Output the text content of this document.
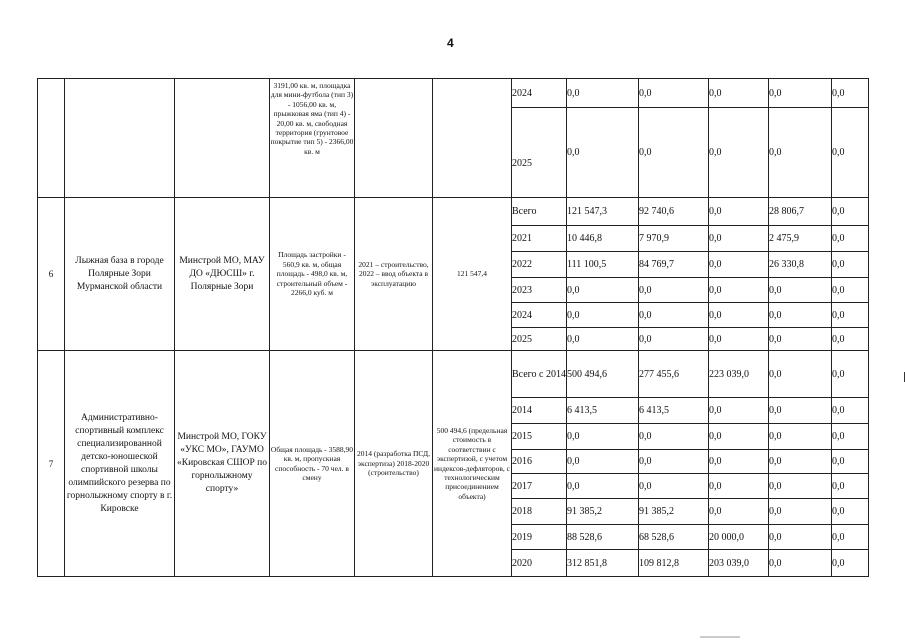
4
			3191,00 кв. м, площадка для мини-футбола (тип 3) - 1056,00 кв. м, прыжковая яма (тип 4) - 20,00 кв. м, свободная территория (грунтовое покрытие тип 5) - 2366,00 кв. м			2024	0,0	0,0	0,0	0,0	0,0
						2025	0,0	0,0	0,0	0,0	0,0
6	Лыжная база в городе Полярные Зори Мурманской области	Минстрой МО, МАУ ДО «ДЮСШ» г. Полярные Зори	Площадь застройки - 560,9 кв. м, общая площадь - 498,0 кв. м, строительный объем - 2266,0 куб. м	2021 – строительство, 2022 – ввод объекта в эксплуатацию	121 547,4	Всего	121 547,3	92 740,6	0,0	28 806,7	0,0
						2021	10 446,8	7 970,9	0,0	2 475,9	0,0
						2022	111 100,5	84 769,7	0,0	26 330,8	0,0
						2023	0,0	0,0	0,0	0,0	0,0
						2024	0,0	0,0	0,0	0,0	0,0
						2025	0,0	0,0	0,0	0,0	0,0
7	Административно-спортивный комплекс специализированной детско-юношеской спортивной школы олимпийского резерва по горнолыжному спорту в г. Кировске	Минстрой МО, ГОКУ «УКС МО», ГАУМО «Кировская СШОР по горнолыжному спорту»	Общая площадь - 3588,90 кв. м, пропускная способность - 70 чел. в смену	2014 (разработка ПСД, экспертиза) 2018-2020 (строительство)	500 494,6 (предельная стоимость в соответствии с экспертизой, с учетом индексов-дефляторов, с технологическим присоединением объекта)	Всего с 2014	500 494,6	277 455,6	223 039,0	0,0	0,0
						2014	6 413,5	6 413,5	0,0	0,0	0,0
						2015	0,0	0,0	0,0	0,0	0,0
						2016	0,0	0,0	0,0	0,0	0,0
						2017	0,0	0,0	0,0	0,0	0,0
						2018	91 385,2	91 385,2	0,0	0,0	0,0
						2019	88 528,6	68 528,6	20 000,0	0,0	0,0
						2020	312 851,8	109 812,8	203 039,0	0,0	0,0
